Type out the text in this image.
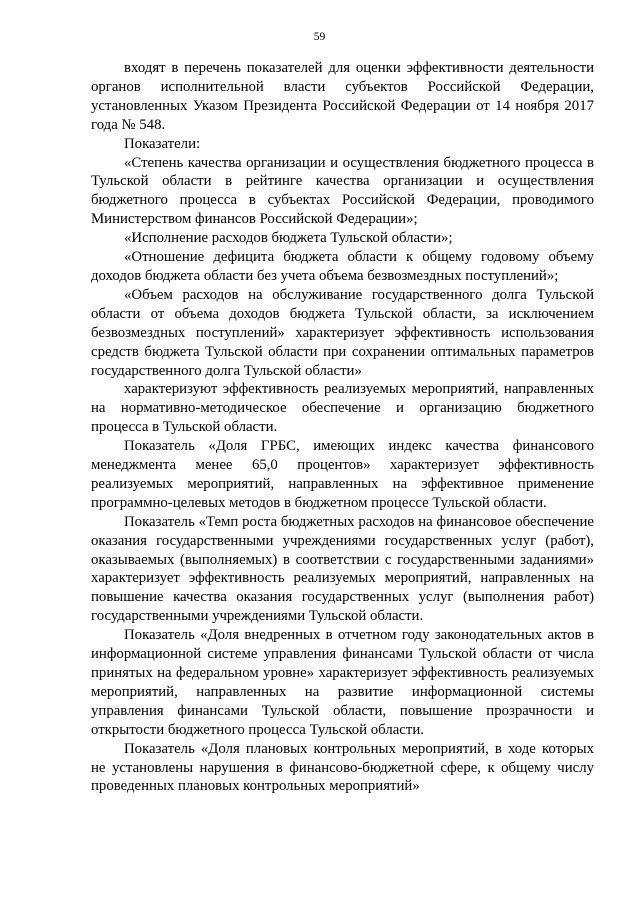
59

входят в перечень показателей для оценки эффективности деятельности органов исполнительной власти субъектов Российской Федерации, установленных Указом Президента Российской Федерации от 14 ноября 2017 года № 548.

Показатели:

«Степень качества организации и осуществления бюджетного процесса в Тульской области в рейтинге качества организации и осуществления бюджетного процесса в субъектах Российской Федерации, проводимого Министерством финансов Российской Федерации»;

«Исполнение расходов бюджета Тульской области»;

«Отношение дефицита бюджета области к общему годовому объему доходов бюджета области без учета объема безвозмездных поступлений»;

«Объем расходов на обслуживание государственного долга Тульской области от объема доходов бюджета Тульской области, за исключением безвозмездных поступлений» характеризует эффективность использования средств бюджета Тульской области при сохранении оптимальных параметров государственного долга Тульской области»

характеризуют эффективность реализуемых мероприятий, направленных на нормативно-методическое обеспечение и организацию бюджетного процесса в Тульской области.

Показатель «Доля ГРБС, имеющих индекс качества финансового менеджмента менее 65,0 процентов» характеризует эффективность реализуемых мероприятий, направленных на эффективное применение программно-целевых методов в бюджетном процессе Тульской области.

Показатель «Темп роста бюджетных расходов на финансовое обеспечение оказания государственными учреждениями государственных услуг (работ), оказываемых (выполняемых) в соответствии с государственными заданиями» характеризует эффективность реализуемых мероприятий, направленных на повышение качества оказания государственных услуг (выполнения работ) государственными учреждениями Тульской области.

Показатель «Доля внедренных в отчетном году законодательных актов в информационной системе управления финансами Тульской области от числа принятых на федеральном уровне» характеризует эффективность реализуемых мероприятий, направленных на развитие информационной системы управления финансами Тульской области, повышение прозрачности и открытости бюджетного процесса Тульской области.

Показатель «Доля плановых контрольных мероприятий, в ходе которых не установлены нарушения в финансово-бюджетной сфере, к общему числу проведенных плановых контрольных мероприятий»
